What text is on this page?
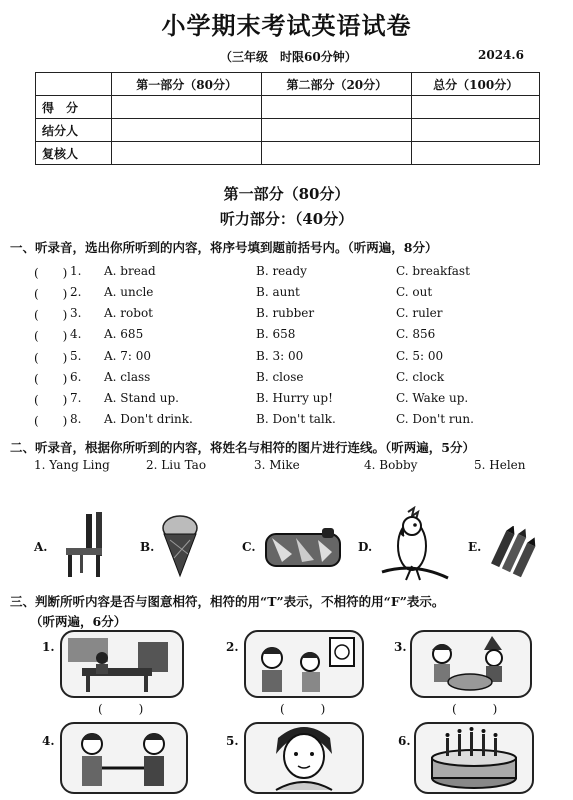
小学期末考试英语试卷
（三年级　时限60分钟）	2024.6
	第一部分（80分）	第二部分（20分）	总分（100分）
得　分			
结分人			
复核人			
第一部分（80分）
听力部分：（40分）
一、听录音，选出你所听到的内容，将序号填到题前括号内。（听两遍，8分）
(　　) 1. A. bread	B. ready	C. breakfast
(　　) 2. A. uncle	B. aunt	C. out
(　　) 3. A. robot	B. rubber	C. ruler
(　　) 4. A. 685	B. 658	C. 856
(　　) 5. A. 7: 00	B. 3: 00	C. 5: 00
(　　) 6. A. class	B. close	C. clock
(　　) 7. A. Stand up.	B. Hurry up!	C. Wake up.
(　　) 8. A. Don't drink.	B. Don't talk.	C. Don't run.
二、听录音，根据你所听到的内容，将姓名与相符的图片进行连线。（听两遍，5分）
1. Yang Ling	2. Liu Tao	3. Mike	4. Bobby	5. Helen
A.	B.	C.	D.	E.
三、判断所听内容是否与图意相符，相符的用“T”表示，不相符的用“F”表示。
（听两遍，6分）
1.
(　　　)
2.
(　　　)
3.
(　　　)
4.	5.	6.
